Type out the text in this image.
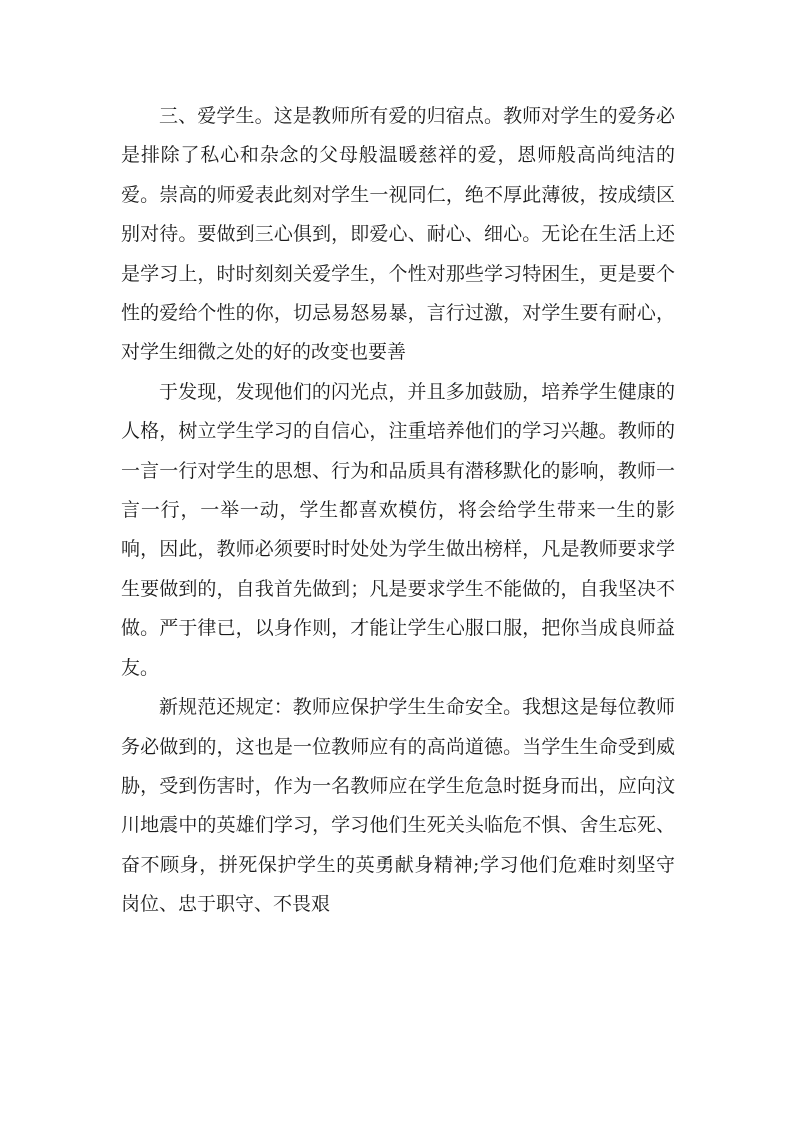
三、爱学生。这是教师所有爱的归宿点。教师对学生的爱务必是排除了私心和杂念的父母般温暖慈祥的爱，恩师般高尚纯洁的爱。崇高的师爱表此刻对学生一视同仁，绝不厚此薄彼，按成绩区别对待。要做到三心俱到，即爱心、耐心、细心。无论在生活上还是学习上，时时刻刻关爱学生，个性对那些学习特困生，更是要个性的爱给个性的你，切忌易怒易暴，言行过激，对学生要有耐心，对学生细微之处的好的改变也要善

于发现，发现他们的闪光点，并且多加鼓励，培养学生健康的人格，树立学生学习的自信心，注重培养他们的学习兴趣。教师的一言一行对学生的思想、行为和品质具有潜移默化的影响，教师一言一行，一举一动，学生都喜欢模仿，将会给学生带来一生的影响，因此，教师必须要时时处处为学生做出榜样，凡是教师要求学生要做到的，自我首先做到；凡是要求学生不能做的，自我坚决不做。严于律已，以身作则，才能让学生心服口服，把你当成良师益友。

新规范还规定：教师应保护学生生命安全。我想这是每位教师务必做到的，这也是一位教师应有的高尚道德。当学生生命受到威胁，受到伤害时，作为一名教师应在学生危急时挺身而出，应向汶川地震中的英雄们学习，学习他们生死关头临危不惧、舍生忘死、奋不顾身，拼死保护学生的英勇献身精神;学习他们危难时刻坚守岗位、忠于职守、不畏艰
